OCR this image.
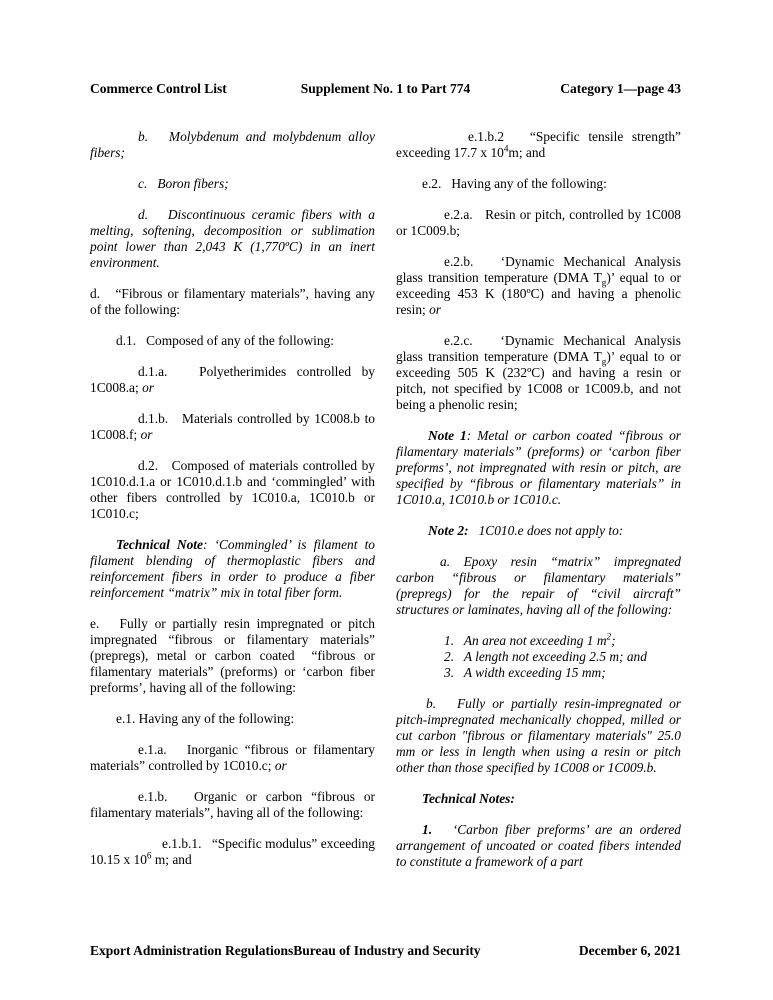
Commerce Control List	Supplement No. 1 to Part 774	Category 1—page 43

b.   Molybdenum and molybdenum alloy fibers;

c.   Boron fibers;

d.   Discontinuous ceramic fibers with a melting, softening, decomposition or sublimation point lower than 2,043 K (1,770ºC) in an inert environment.

d.   “Fibrous or filamentary materials”, having any of the following:

d.1.   Composed of any of the following:

d.1.a.   Polyetherimides controlled by 1C008.a; or

d.1.b.   Materials controlled by 1C008.b to 1C008.f; or

d.2.   Composed of materials controlled by 1C010.d.1.a or 1C010.d.1.b and ‘commingled’ with other fibers controlled by 1C010.a, 1C010.b or 1C010.c;

Technical Note: ‘Commingled’ is filament to filament blending of thermoplastic fibers and reinforcement fibers in order to produce a fiber reinforcement “matrix” mix in total fiber form.

e.   Fully or partially resin impregnated or pitch impregnated “fibrous or filamentary materials” (prepregs), metal or carbon coated  “fibrous or filamentary materials” (preforms) or ‘carbon fiber preforms’, having all of the following:

e.1. Having any of the following:

e.1.a.   Inorganic “fibrous or filamentary materials” controlled by 1C010.c; or

e.1.b.   Organic or carbon “fibrous or filamentary materials”, having all of the following:

e.1.b.1.   “Specific modulus” exceeding 10.15 x $10^6$ m; and

e.1.b.2   “Specific tensile strength” exceeding 17.7 x $10^4m$; and

e.2.   Having any of the following:

e.2.a.   Resin or pitch, controlled by 1C008 or 1C009.b;

e.2.b.   ‘Dynamic Mechanical Analysis glass transition temperature (DMA $T_g$)’ equal to or exceeding 453 K (180ºC) and having a phenolic resin; or

e.2.c.   ‘Dynamic Mechanical Analysis glass transition temperature (DMA $T_g$)’ equal to or exceeding 505 K (232ºC) and having a resin or pitch, not specified by 1C008 or 1C009.b, and not being a phenolic resin;

Note 1: Metal or carbon coated “fibrous or filamentary materials” (preforms) or ‘carbon fiber preforms’, not impregnated with resin or pitch, are specified by “fibrous or filamentary materials” in 1C010.a, 1C010.b or 1C010.c.

Note 2:   1C010.e does not apply to:

a. Epoxy resin “matrix” impregnated carbon “fibrous or filamentary materials” (prepregs) for the repair of “civil aircraft” structures or laminates, having all of the following:

1.   An area not exceeding 1 $m^2$;

2.   A length not exceeding 2.5 m; and

3.   A width exceeding 15 mm;

b.   Fully or partially resin-impregnated or pitch-impregnated mechanically chopped, milled or cut carbon "fibrous or filamentary materials" 25.0 mm or less in length when using a resin or pitch other than those specified by 1C008 or 1C009.b.

Technical Notes:

1.   ‘Carbon fiber preforms’ are an ordered arrangement of uncoated or coated fibers intended to constitute a framework of a part

Export Administration Regulations Bureau of Industry and Security	December 6, 2021
